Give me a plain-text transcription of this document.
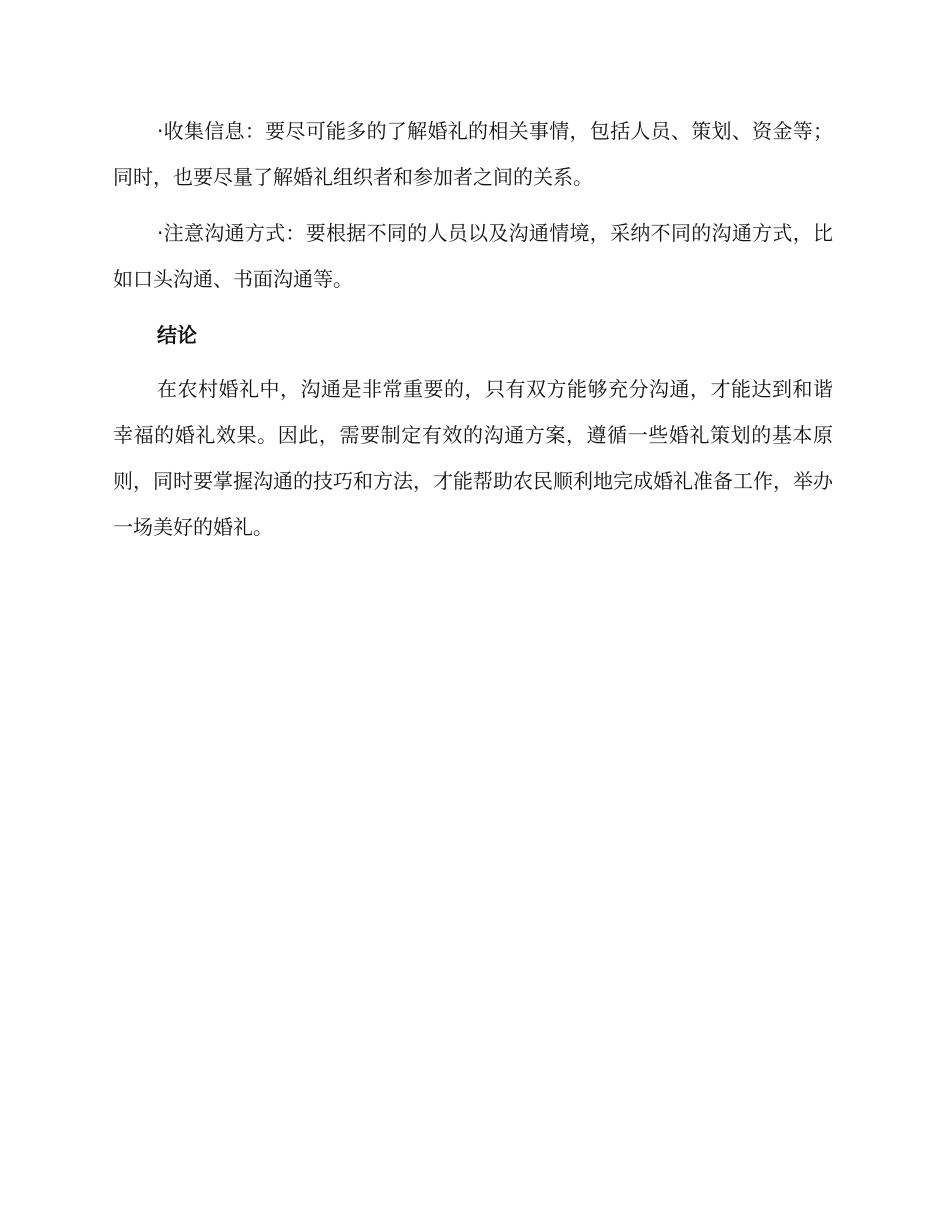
·收集信息：要尽可能多的了解婚礼的相关事情，包括人员、策划、资金等；同时，也要尽量了解婚礼组织者和参加者之间的关系。

·注意沟通方式：要根据不同的人员以及沟通情境，采纳不同的沟通方式，比如口头沟通、书面沟通等。

结论

在农村婚礼中，沟通是非常重要的，只有双方能够充分沟通，才能达到和谐幸福的婚礼效果。因此，需要制定有效的沟通方案，遵循一些婚礼策划的基本原则，同时要掌握沟通的技巧和方法，才能帮助农民顺利地完成婚礼准备工作，举办一场美好的婚礼。
